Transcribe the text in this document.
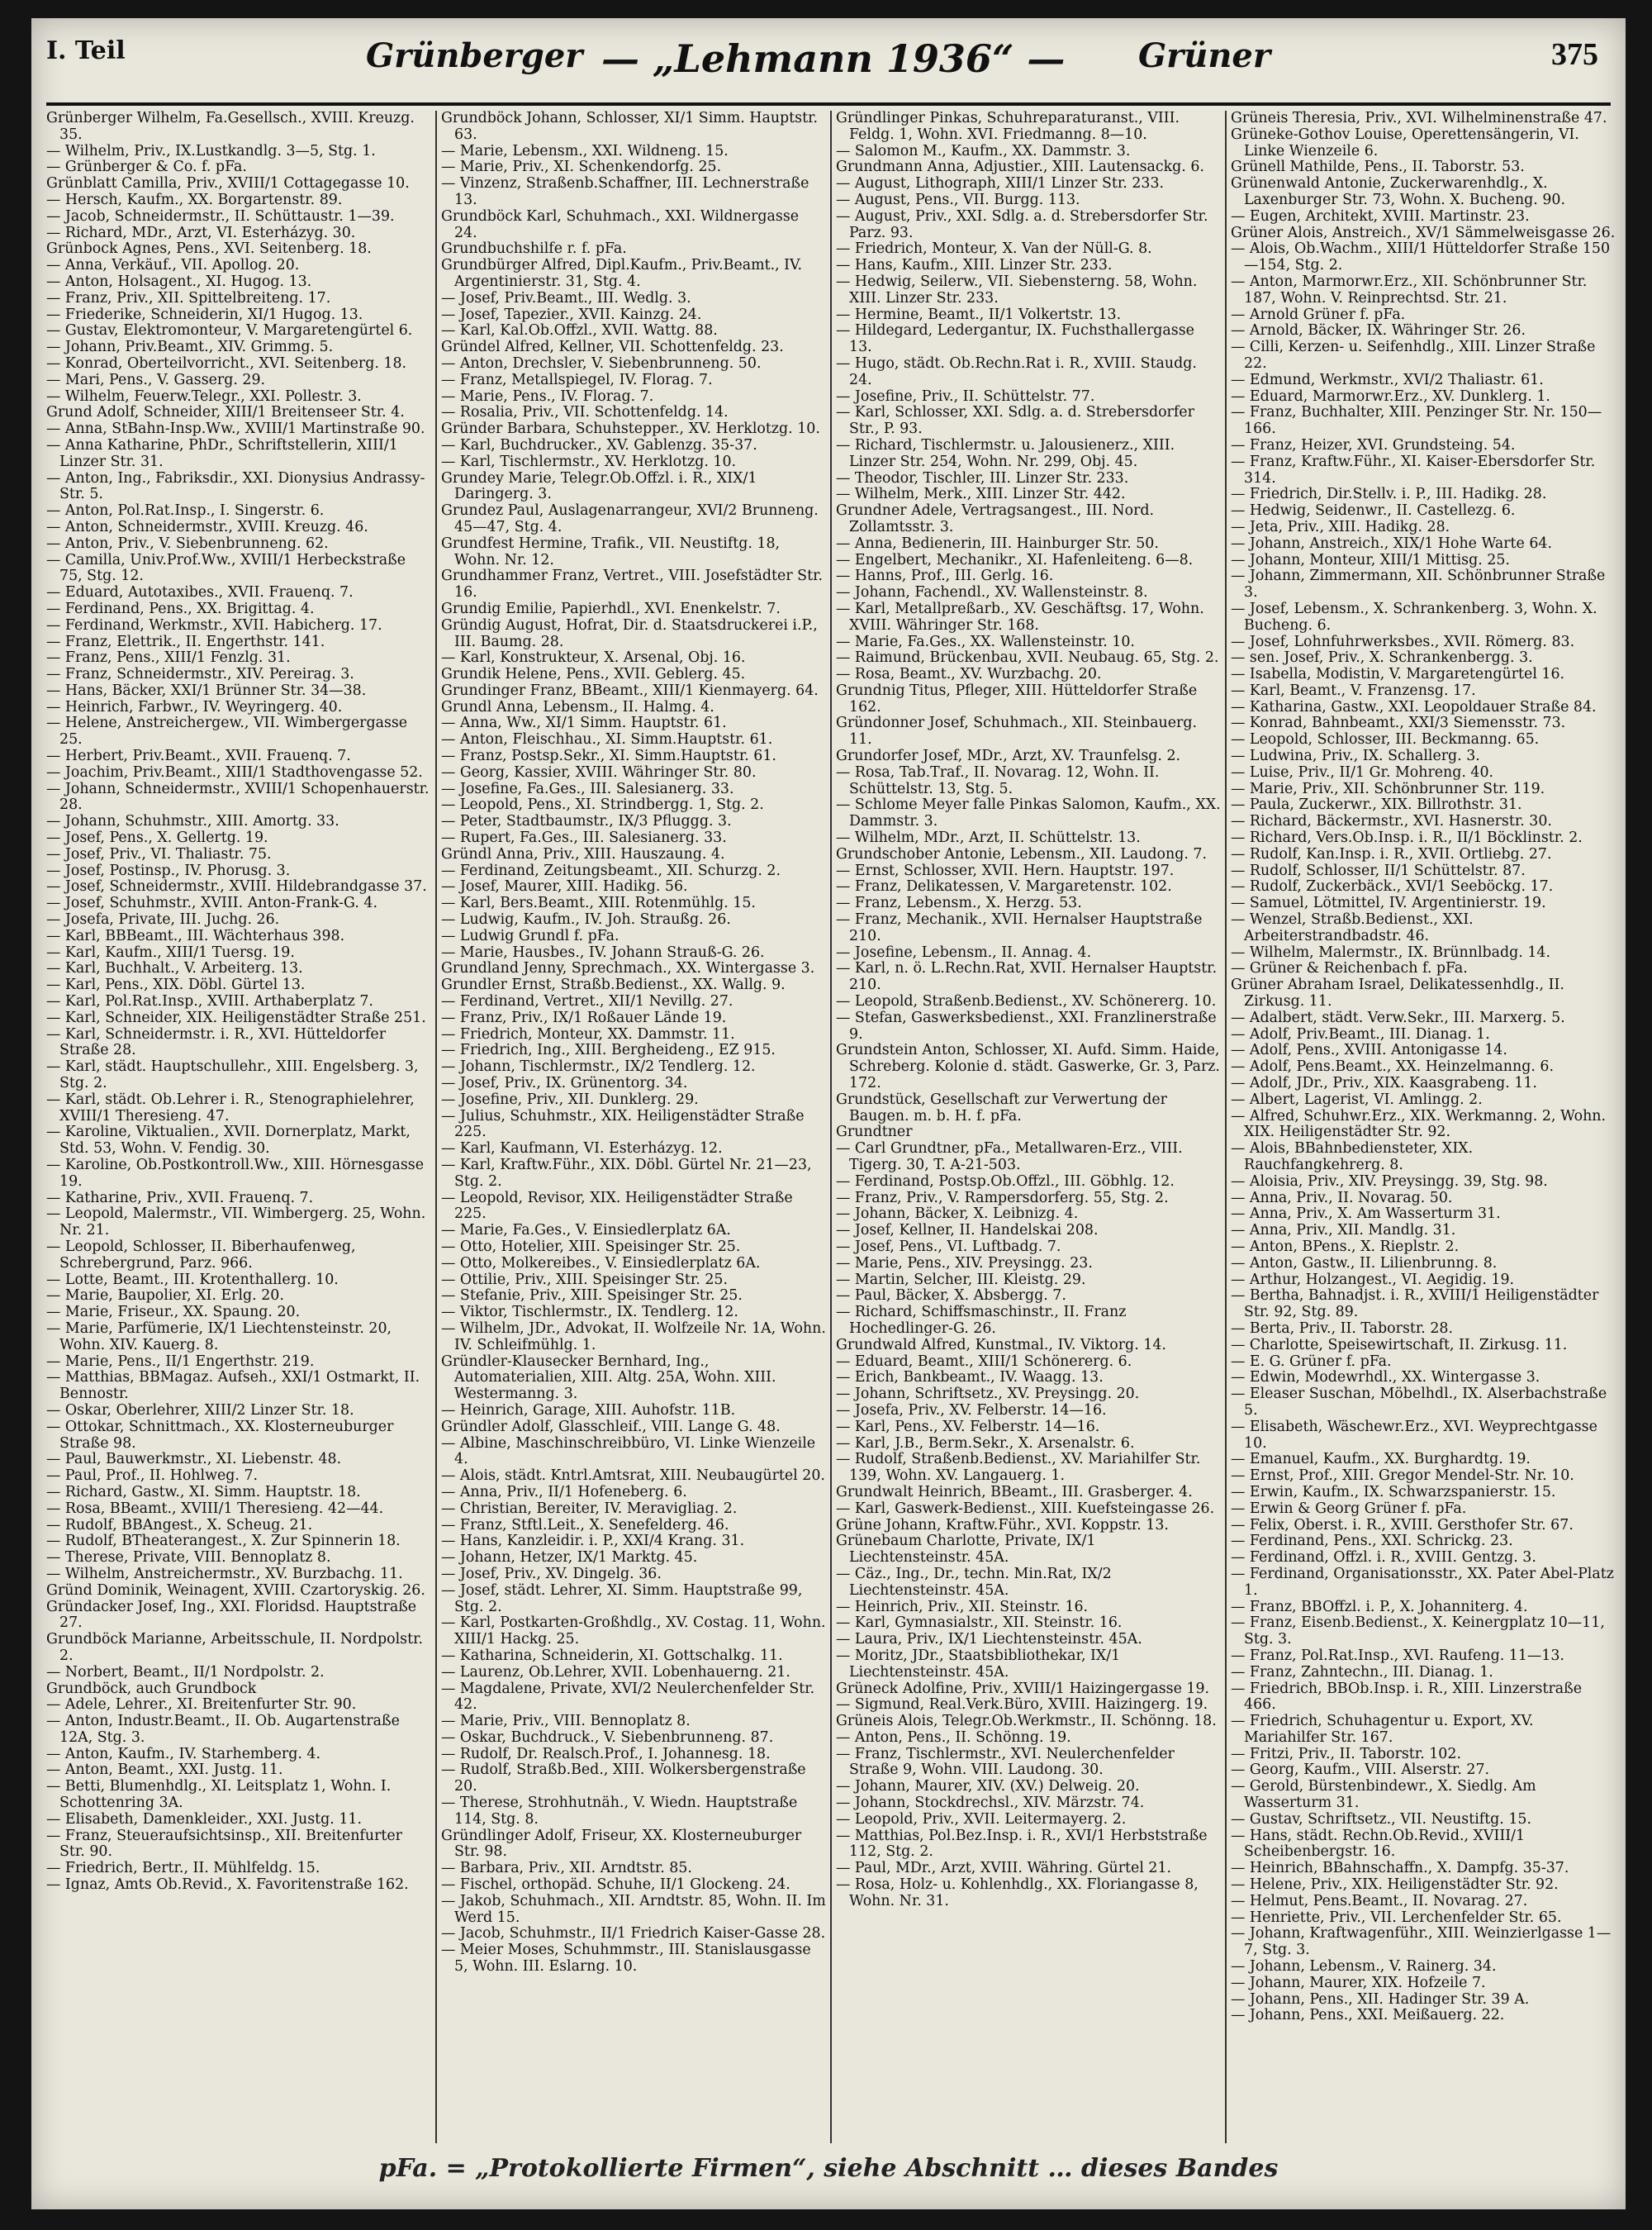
I. Teil	Grünberger — „Lehmann 1936“ — Grüner	375

Grünberger Wilhelm, Fa.Gesellsch., XVIII. Kreuzg. 35.

— Wilhelm, Priv., IX.Lustkandlg. 3—5, Stg. 1.

— Grünberger & Co. f. pFa.

Grünblatt Camilla, Priv., XVIII/1 Cottagegasse 10.

— Hersch, Kaufm., XX. Borgartenstr. 89.

— Jacob, Schneidermstr., II. Schüttaustr. 1—39.

— Richard, MDr., Arzt, VI. Esterházyg. 30.

Grünbock Agnes, Pens., XVI. Seitenberg. 18.

— Anna, Verkäuf., VII. Apollog. 20.

— Anton, Holsagent., XI. Hugog. 13.

— Franz, Priv., XII. Spittelbreiteng. 17.

— Friederike, Schneiderin, XI/1 Hugog. 13.

— Gustav, Elektromonteur, V. Margaretengürtel 6.

— Johann, Priv.Beamt., XIV. Grimmg. 5.

— Konrad, Oberteilvorricht., XVI. Seitenberg. 18.

— Mari, Pens., V. Gasserg. 29.

— Wilhelm, Feuerw.Telegr., XXI. Pollestr. 3.

Grund Adolf, Schneider, XIII/1 Breitenseer Str. 4.

— Anna, StBahn-Insp.Ww., XVIII/1 Martinstraße 90.

— Anna Katharine, PhDr., Schriftstellerin, XIII/1 Linzer Str. 31.

— Anton, Ing., Fabriksdir., XXI. Dionysius Andrassy-Str. 5.

— Anton, Pol.Rat.Insp., I. Singerstr. 6.

— Anton, Schneidermstr., XVIII. Kreuzg. 46.

— Anton, Priv., V. Siebenbrunneng. 62.

— Camilla, Univ.Prof.Ww., XVIII/1 Herbeckstraße 75, Stg. 12.

— Eduard, Autotaxibes., XVII. Frauenq. 7.

— Ferdinand, Pens., XX. Brigittag. 4.

— Ferdinand, Werkmstr., XVII. Habicherg. 17.

— Franz, Elettrik., II. Engerthstr. 141.

— Franz, Pens., XIII/1 Fenzlg. 31.

— Franz, Schneidermstr., XIV. Pereirag. 3.

— Hans, Bäcker, XXI/1 Brünner Str. 34—38.

— Heinrich, Farbwr., IV. Weyringerg. 40.

— Helene, Anstreichergew., VII. Wimbergergasse 25.

— Herbert, Priv.Beamt., XVII. Frauenq. 7.

— Joachim, Priv.Beamt., XIII/1 Stadthovengasse 52.

— Johann, Schneidermstr., XVIII/1 Schopenhauerstr. 28.

— Johann, Schuhmstr., XIII. Amortg. 33.

— Josef, Pens., X. Gellertg. 19.

— Josef, Priv., VI. Thaliastr. 75.

— Josef, Postinsp., IV. Phorusg. 3.

— Josef, Schneidermstr., XVIII. Hildebrandgasse 37.

— Josef, Schuhmstr., XVIII. Anton-Frank-G. 4.

— Josefa, Private, III. Juchg. 26.

— Karl, BBBeamt., III. Wächterhaus 398.

— Karl, Kaufm., XIII/1 Tuersg. 19.

— Karl, Buchhalt., V. Arbeiterg. 13.

— Karl, Pens., XIX. Döbl. Gürtel 13.

— Karl, Pol.Rat.Insp., XVIII. Arthaberplatz 7.

— Karl, Schneider, XIX. Heiligenstädter Straße 251.

— Karl, Schneidermstr. i. R., XVI. Hütteldorfer Straße 28.

— Karl, städt. Hauptschullehr., XIII. Engelsberg. 3, Stg. 2.

— Karl, städt. Ob.Lehrer i. R., Stenographielehrer, XVIII/1 Theresieng. 47.

— Karoline, Viktualien., XVII. Dornerplatz, Markt, Std. 53, Wohn. V. Fendig. 30.

— Karoline, Ob.Postkontroll.Ww., XIII. Hörnesgasse 19.

— Katharine, Priv., XVII. Frauenq. 7.

— Leopold, Malermstr., VII. Wimbergerg. 25, Wohn. Nr. 21.

— Leopold, Schlosser, II. Biberhaufenweg, Schrebergrund, Parz. 966.

— Lotte, Beamt., III. Krotenthallerg. 10.

— Marie, Baupolier, XI. Erlg. 20.

— Marie, Friseur., XX. Spaung. 20.

— Marie, Parfümerie, IX/1 Liechtensteinstr. 20, Wohn. XIV. Kauerg. 8.

— Marie, Pens., II/1 Engerthstr. 219.

— Matthias, BBMagaz. Aufseh., XXI/1 Ostmarkt, II. Bennostr.

— Oskar, Oberlehrer, XIII/2 Linzer Str. 18.

— Ottokar, Schnittmach., XX. Klosterneuburger Straße 98.

— Paul, Bauwerkmstr., XI. Liebenstr. 48.

— Paul, Prof., II. Hohlweg. 7.

— Richard, Gastw., XI. Simm. Hauptstr. 18.

— Rosa, BBeamt., XVIII/1 Theresieng. 42—44.

— Rudolf, BBAngest., X. Scheug. 21.

— Rudolf, BTheaterangest., X. Zur Spinnerin 18.

— Therese, Private, VIII. Bennoplatz 8.

— Wilhelm, Anstreichermstr., XV. Burzbachg. 11.

Gründ Dominik, Weinagent, XVIII. Czartoryskig. 26.

Gründacker Josef, Ing., XXI. Floridsd. Hauptstraße 27.

Grundböck Marianne, Arbeitsschule, II. Nordpolstr. 2.

— Norbert, Beamt., II/1 Nordpolstr. 2.

Grundböck, auch Grundbock

— Adele, Lehrer., XI. Breitenfurter Str. 90.

— Anton, Industr.Beamt., II. Ob. Augartenstraße 12A, Stg. 3.

— Anton, Kaufm., IV. Starhemberg. 4.

— Anton, Beamt., XXI. Justg. 11.

— Betti, Blumenhdlg., XI. Leitsplatz 1, Wohn. I. Schottenring 3A.

— Elisabeth, Damenkleider., XXI. Justg. 11.

— Franz, Steueraufsichtsinsp., XII. Breitenfurter Str. 90.

— Friedrich, Bertr., II. Mühlfeldg. 15.

— Ignaz, Amts Ob.Revid., X. Favoritenstraße 162.

Grundböck Johann, Schlosser, XI/1 Simm. Hauptstr. 63.

— Marie, Lebensm., XXI. Wildneng. 15.

— Marie, Priv., XI. Schenkendorfg. 25.

— Vinzenz, Straßenb.Schaffner, III. Lechnerstraße 13.

Grundböck Karl, Schuhmach., XXI. Wildnergasse 24.

Grundbuchshilfe r. f. pFa.

Grundbürger Alfred, Dipl.Kaufm., Priv.Beamt., IV. Argentinierstr. 31, Stg. 4.

— Josef, Priv.Beamt., III. Wedlg. 3.

— Josef, Tapezier., XVII. Kainzg. 24.

— Karl, Kal.Ob.Offzl., XVII. Wattg. 88.

Gründel Alfred, Kellner, VII. Schottenfeldg. 23.

— Anton, Drechsler, V. Siebenbrunneng. 50.

— Franz, Metallspiegel, IV. Florag. 7.

— Marie, Pens., IV. Florag. 7.

— Rosalia, Priv., VII. Schottenfeldg. 14.

Gründer Barbara, Schuhstepper., XV. Herklotzg. 10.

— Karl, Buchdrucker., XV. Gablenzg. 35-37.

— Karl, Tischlermstr., XV. Herklotzg. 10.

Grundey Marie, Telegr.Ob.Offzl. i. R., XIX/1 Daringerg. 3.

Grundez Paul, Auslagenarrangeur, XVI/2 Brunneng. 45—47, Stg. 4.

Grundfest Hermine, Trafik., VII. Neustiftg. 18, Wohn. Nr. 12.

Grundhammer Franz, Vertret., VIII. Josefstädter Str. 16.

Grundig Emilie, Papierhdl., XVI. Enenkelstr. 7.

Gründig August, Hofrat, Dir. d. Staatsdruckerei i.P., III. Baumg. 28.

— Karl, Konstrukteur, X. Arsenal, Obj. 16.

Grundik Helene, Pens., XVII. Geblerg. 45.

Grundinger Franz, BBeamt., XIII/1 Kienmayerg. 64.

Grundl Anna, Lebensm., II. Halmg. 4.

— Anna, Ww., XI/1 Simm. Hauptstr. 61.

— Anton, Fleischhau., XI. Simm.Hauptstr. 61.

— Franz, Postsp.Sekr., XI. Simm.Hauptstr. 61.

— Georg, Kassier, XVIII. Währinger Str. 80.

— Josefine, Fa.Ges., III. Salesianerg. 33.

— Leopold, Pens., XI. Strindbergg. 1, Stg. 2.

— Peter, Stadtbaumstr., IX/3 Pfluggg. 3.

— Rupert, Fa.Ges., III. Salesianerg. 33.

Gründl Anna, Priv., XIII. Hauszaung. 4.

— Ferdinand, Zeitungsbeamt., XII. Schurzg. 2.

— Josef, Maurer, XIII. Hadikg. 56.

— Karl, Bers.Beamt., XIII. Rotenmühlg. 15.

— Ludwig, Kaufm., IV. Joh. Straußg. 26.

— Ludwig Grundl f. pFa.

— Marie, Hausbes., IV. Johann Strauß-G. 26.

Grundland Jenny, Sprechmach., XX. Wintergasse 3.

Grundler Ernst, Straßb.Bedienst., XX. Wallg. 9.

— Ferdinand, Vertret., XII/1 Nevillg. 27.

— Franz, Priv., IX/1 Roßauer Lände 19.

— Friedrich, Monteur, XX. Dammstr. 11.

— Friedrich, Ing., XIII. Bergheideng., EZ 915.

— Johann, Tischlermstr., IX/2 Tendlerg. 12.

— Josef, Priv., IX. Grünentorg. 34.

— Josefine, Priv., XII. Dunklerg. 29.

— Julius, Schuhmstr., XIX. Heiligenstädter Straße 225.

— Karl, Kaufmann, VI. Esterházyg. 12.

— Karl, Kraftw.Führ., XIX. Döbl. Gürtel Nr. 21—23, Stg. 2.

— Leopold, Revisor, XIX. Heiligenstädter Straße 225.

— Marie, Fa.Ges., V. Einsiedlerplatz 6A.

— Otto, Hotelier, XIII. Speisinger Str. 25.

— Otto, Molkereibes., V. Einsiedlerplatz 6A.

— Ottilie, Priv., XIII. Speisinger Str. 25.

— Stefanie, Priv., XIII. Speisinger Str. 25.

— Viktor, Tischlermstr., IX. Tendlerg. 12.

— Wilhelm, JDr., Advokat, II. Wolfzeile Nr. 1A, Wohn. IV. Schleifmühlg. 1.

Gründler-Klausecker Bernhard, Ing., Automaterialien, XIII. Altg. 25A, Wohn. XIII. Westermanng. 3.

— Heinrich, Garage, XIII. Auhofstr. 11B.

Gründler Adolf, Glasschleif., VIII. Lange G. 48.

— Albine, Maschinschreibbüro, VI. Linke Wienzeile 4.

— Alois, städt. Kntrl.Amtsrat, XIII. Neubaugürtel 20.

— Anna, Priv., II/1 Hofeneberg. 6.

— Christian, Bereiter, IV. Meravigliag. 2.

— Franz, Stftl.Leit., X. Senefelderg. 46.

— Hans, Kanzleidir. i. P., XXI/4 Krang. 31.

— Johann, Hetzer, IX/1 Marktg. 45.

— Josef, Priv., XV. Dingelg. 36.

— Josef, städt. Lehrer, XI. Simm. Hauptstraße 99, Stg. 2.

— Karl, Postkarten-Großhdlg., XV. Costag. 11, Wohn. XIII/1 Hackg. 25.

— Katharina, Schneiderin, XI. Gottschalkg. 11.

— Laurenz, Ob.Lehrer, XVII. Lobenhauerng. 21.

— Magdalene, Private, XVI/2 Neulerchenfelder Str. 42.

— Marie, Priv., VIII. Bennoplatz 8.

— Oskar, Buchdruck., V. Siebenbrunneng. 87.

— Rudolf, Dr. Realsch.Prof., I. Johannesg. 18.

— Rudolf, Straßb.Bed., XIII. Wolkersbergenstraße 20.

— Therese, Strohhutnäh., V. Wiedn. Hauptstraße 114, Stg. 8.

Gründlinger Adolf, Friseur, XX. Klosterneuburger Str. 98.

— Barbara, Priv., XII. Arndtstr. 85.

— Fischel, orthopäd. Schuhe, II/1 Glockeng. 24.

— Jakob, Schuhmach., XII. Arndtstr. 85, Wohn. II. Im Werd 15.

— Jacob, Schuhmstr., II/1 Friedrich Kaiser-Gasse 28.

— Meier Moses, Schuhmmstr., III. Stanislausgasse 5, Wohn. III. Eslarng. 10.

Gründlinger Pinkas, Schuhreparaturanst., VIII. Feldg. 1, Wohn. XVI. Friedmanng. 8—10.

— Salomon M., Kaufm., XX. Dammstr. 3.

Grundmann Anna, Adjustier., XIII. Lautensackg. 6.

— August, Lithograph, XIII/1 Linzer Str. 233.

— August, Pens., VII. Burgg. 113.

— August, Priv., XXI. Sdlg. a. d. Strebersdorfer Str. Parz. 93.

— Friedrich, Monteur, X. Van der Nüll-G. 8.

— Hans, Kaufm., XIII. Linzer Str. 233.

— Hedwig, Seilerw., VII. Siebensterng. 58, Wohn. XIII. Linzer Str. 233.

— Hermine, Beamt., II/1 Volkertstr. 13.

— Hildegard, Ledergantur, IX. Fuchsthallergasse 13.

— Hugo, städt. Ob.Rechn.Rat i. R., XVIII. Staudg. 24.

— Josefine, Priv., II. Schüttelstr. 77.

— Karl, Schlosser, XXI. Sdlg. a. d. Strebersdorfer Str., P. 93.

— Richard, Tischlermstr. u. Jalousienerz., XIII. Linzer Str. 254, Wohn. Nr. 299, Obj. 45.

— Theodor, Tischler, III. Linzer Str. 233.

— Wilhelm, Merk., XIII. Linzer Str. 442.

Grundner Adele, Vertragsangest., III. Nord. Zollamtsstr. 3.

— Anna, Bedienerin, III. Hainburger Str. 50.

— Engelbert, Mechanikr., XI. Hafenleiteng. 6—8.

— Hanns, Prof., III. Gerlg. 16.

— Johann, Fachendl., XV. Wallensteinstr. 8.

— Karl, Metallpreßarb., XV. Geschäftsg. 17, Wohn. XVIII. Währinger Str. 168.

— Marie, Fa.Ges., XX. Wallensteinstr. 10.

— Raimund, Brückenbau, XVII. Neubaug. 65, Stg. 2.

— Rosa, Beamt., XV. Wurzbachg. 20.

Grundnig Titus, Pfleger, XIII. Hütteldorfer Straße 162.

Gründonner Josef, Schuhmach., XII. Steinbauerg. 11.

Grundorfer Josef, MDr., Arzt, XV. Traunfelsg. 2.

— Rosa, Tab.Traf., II. Novarag. 12, Wohn. II. Schüttelstr. 13, Stg. 5.

— Schlome Meyer falle Pinkas Salomon, Kaufm., XX. Dammstr. 3.

— Wilhelm, MDr., Arzt, II. Schüttelstr. 13.

Grundschober Antonie, Lebensm., XII. Laudong. 7.

— Ernst, Schlosser, XVII. Hern. Hauptstr. 197.

— Franz, Delikatessen, V. Margaretenstr. 102.

— Franz, Lebensm., X. Herzg. 53.

— Franz, Mechanik., XVII. Hernalser Hauptstraße 210.

— Josefine, Lebensm., II. Annag. 4.

— Karl, n. ö. L.Rechn.Rat, XVII. Hernalser Hauptstr. 210.

— Leopold, Straßenb.Bedienst., XV. Schönererg. 10.

— Stefan, Gaswerksbedienst., XXI. Franzlinerstraße 9.

Grundstein Anton, Schlosser, XI. Aufd. Simm. Haide, Schreberg. Kolonie d. städt. Gaswerke, Gr. 3, Parz. 172.

Grundstück, Gesellschaft zur Verwertung der Baugen. m. b. H. f. pFa.

Grundtner

— Carl Grundtner, pFa., Metallwaren-Erz., VIII. Tigerg. 30, T. A-21-503.

— Ferdinand, Postsp.Ob.Offzl., III. Göbhlg. 12.

— Franz, Priv., V. Rampersdorferg. 55, Stg. 2.

— Johann, Bäcker, X. Leibnizg. 4.

— Josef, Kellner, II. Handelskai 208.

— Josef, Pens., VI. Luftbadg. 7.

— Marie, Pens., XIV. Preysingg. 23.

— Martin, Selcher, III. Kleistg. 29.

— Paul, Bäcker, X. Absbergg. 7.

— Richard, Schiffsmaschinstr., II. Franz Hochedlinger-G. 26.

Grundwald Alfred, Kunstmal., IV. Viktorg. 14.

— Eduard, Beamt., XIII/1 Schönererg. 6.

— Erich, Bankbeamt., IV. Waagg. 13.

— Johann, Schriftsetz., XV. Preysingg. 20.

— Josefa, Priv., XV. Felberstr. 14—16.

— Karl, Pens., XV. Felberstr. 14—16.

— Karl, J.B., Berm.Sekr., X. Arsenalstr. 6.

— Rudolf, Straßenb.Bedienst., XV. Mariahilfer Str. 139, Wohn. XV. Langauerg. 1.

Grundwalt Heinrich, BBeamt., III. Grasberger. 4.

— Karl, Gaswerk-Bedienst., XIII. Kuefsteingasse 26.

Grüne Johann, Kraftw.Führ., XVI. Koppstr. 13.

Grünebaum Charlotte, Private, IX/1 Liechtensteinstr. 45A.

— Cäz., Ing., Dr., techn. Min.Rat, IX/2 Liechtensteinstr. 45A.

— Heinrich, Priv., XII. Steinstr. 16.

— Karl, Gymnasialstr., XII. Steinstr. 16.

— Laura, Priv., IX/1 Liechtensteinstr. 45A.

— Moritz, JDr., Staatsbibliothekar, IX/1 Liechtensteinstr. 45A.

Grüneck Adolfine, Priv., XVIII/1 Haizingergasse 19.

— Sigmund, Real.Verk.Büro, XVIII. Haizingerg. 19.

Grüneis Alois, Telegr.Ob.Werkmstr., II. Schönng. 18.

— Anton, Pens., II. Schönng. 19.

— Franz, Tischlermstr., XVI. Neulerchenfelder Straße 9, Wohn. VIII. Laudong. 30.

— Johann, Maurer, XIV. (XV.) Delweig. 20.

— Johann, Stockdrechsl., XIV. Märzstr. 74.

— Leopold, Priv., XVII. Leitermayerg. 2.

— Matthias, Pol.Bez.Insp. i. R., XVI/1 Herbststraße 112, Stg. 2.

— Paul, MDr., Arzt, XVIII. Währing. Gürtel 21.

— Rosa, Holz- u. Kohlenhdlg., XX. Floriangasse 8, Wohn. Nr. 31.

Grüneis Theresia, Priv., XVI. Wilhelminenstraße 47.

Grüneke-Gothov Louise, Operettensängerin, VI. Linke Wienzeile 6.

Grünell Mathilde, Pens., II. Taborstr. 53.

Grünenwald Antonie, Zuckerwarenhdlg., X. Laxenburger Str. 73, Wohn. X. Bucheng. 90.

— Eugen, Architekt, XVIII. Martinstr. 23.

Grüner Alois, Anstreich., XV/1 Sämmelweisgasse 26.

— Alois, Ob.Wachm., XIII/1 Hütteldorfer Straße 150—154, Stg. 2.

— Anton, Marmorwr.Erz., XII. Schönbrunner Str. 187, Wohn. V. Reinprechtsd. Str. 21.

— Arnold Grüner f. pFa.

— Arnold, Bäcker, IX. Währinger Str. 26.

— Cilli, Kerzen- u. Seifenhdlg., XIII. Linzer Straße 22.

— Edmund, Werkmstr., XVI/2 Thaliastr. 61.

— Eduard, Marmorwr.Erz., XV. Dunklerg. 1.

— Franz, Buchhalter, XIII. Penzinger Str. Nr. 150—166.

— Franz, Heizer, XVI. Grundsteing. 54.

— Franz, Kraftw.Führ., XI. Kaiser-Ebersdorfer Str. 314.

— Friedrich, Dir.Stellv. i. P., III. Hadikg. 28.

— Hedwig, Seidenwr., II. Castellezg. 6.

— Jeta, Priv., XIII. Hadikg. 28.

— Johann, Anstreich., XIX/1 Hohe Warte 64.

— Johann, Monteur, XIII/1 Mittisg. 25.

— Johann, Zimmermann, XII. Schönbrunner Straße 3.

— Josef, Lebensm., X. Schrankenberg. 3, Wohn. X. Bucheng. 6.

— Josef, Lohnfuhrwerksbes., XVII. Römerg. 83.

— sen. Josef, Priv., X. Schrankenbergg. 3.

— Isabella, Modistin, V. Margaretengürtel 16.

— Karl, Beamt., V. Franzensg. 17.

— Katharina, Gastw., XXI. Leopoldauer Straße 84.

— Konrad, Bahnbeamt., XXI/3 Siemensstr. 73.

— Leopold, Schlosser, III. Beckmanng. 65.

— Ludwina, Priv., IX. Schallerg. 3.

— Luise, Priv., II/1 Gr. Mohreng. 40.

— Marie, Priv., XII. Schönbrunner Str. 119.

— Paula, Zuckerwr., XIX. Billrothstr. 31.

— Richard, Bäckermstr., XVI. Hasnerstr. 30.

— Richard, Vers.Ob.Insp. i. R., II/1 Böcklinstr. 2.

— Rudolf, Kan.Insp. i. R., XVII. Ortliebg. 27.

— Rudolf, Schlosser, II/1 Schüttelstr. 87.

— Rudolf, Zuckerbäck., XVI/1 Seeböckg. 17.

— Samuel, Lötmittel, IV. Argentinierstr. 19.

— Wenzel, Straßb.Bedienst., XXI. Arbeiterstrandbadstr. 46.

— Wilhelm, Malermstr., IX. Brünnlbadg. 14.

— Grüner & Reichenbach f. pFa.

Grüner Abraham Israel, Delikatessenhdlg., II. Zirkusg. 11.

— Adalbert, städt. Verw.Sekr., III. Marxerg. 5.

— Adolf, Priv.Beamt., III. Dianag. 1.

— Adolf, Pens., XVIII. Antonigasse 14.

— Adolf, Pens.Beamt., XX. Heinzelmanng. 6.

— Adolf, JDr., Priv., XIX. Kaasgrabeng. 11.

— Albert, Lagerist, VI. Amlingg. 2.

— Alfred, Schuhwr.Erz., XIX. Werkmanng. 2, Wohn. XIX. Heiligenstädter Str. 92.

— Alois, BBahnbediensteter, XIX. Rauchfangkehrerg. 8.

— Aloisia, Priv., XIV. Preysingg. 39, Stg. 98.

— Anna, Priv., II. Novarag. 50.

— Anna, Priv., X. Am Wasserturm 31.

— Anna, Priv., XII. Mandlg. 31.

— Anton, BPens., X. Rieplstr. 2.

— Anton, Gastw., II. Lilienbrunng. 8.

— Arthur, Holzangest., VI. Aegidig. 19.

— Bertha, Bahnadjst. i. R., XVIII/1 Heiligenstädter Str. 92, Stg. 89.

— Berta, Priv., II. Taborstr. 28.

— Charlotte, Speisewirtschaft, II. Zirkusg. 11.

— E. G. Grüner f. pFa.

— Edwin, Modewrhdl., XX. Wintergasse 3.

— Eleaser Suschan, Möbelhdl., IX. Alserbachstraße 5.

— Elisabeth, Wäschewr.Erz., XVI. Weyprechtgasse 10.

— Emanuel, Kaufm., XX. Burghardtg. 19.

— Ernst, Prof., XIII. Gregor Mendel-Str. Nr. 10.

— Erwin, Kaufm., IX. Schwarzspanierstr. 15.

— Erwin & Georg Grüner f. pFa.

— Felix, Oberst. i. R., XVIII. Gersthofer Str. 67.

— Ferdinand, Pens., XXI. Schrickg. 23.

— Ferdinand, Offzl. i. R., XVIII. Gentzg. 3.

— Ferdinand, Organisationsstr., XX. Pater Abel-Platz 1.

— Franz, BBOffzl. i. P., X. Johanniterg. 4.

— Franz, Eisenb.Bedienst., X. Keinergplatz 10—11, Stg. 3.

— Franz, Pol.Rat.Insp., XVI. Raufeng. 11—13.

— Franz, Zahntechn., III. Dianag. 1.

— Friedrich, BBOb.Insp. i. R., XIII. Linzerstraße 466.

— Friedrich, Schuhagentur u. Export, XV. Mariahilfer Str. 167.

— Fritzi, Priv., II. Taborstr. 102.

— Georg, Kaufm., VIII. Alserstr. 27.

— Gerold, Bürstenbindewr., X. Siedlg. Am Wasserturm 31.

— Gustav, Schriftsetz., VII. Neustiftg. 15.

— Hans, städt. Rechn.Ob.Revid., XVIII/1 Scheibenbergstr. 16.

— Heinrich, BBahnschaffn., X. Dampfg. 35-37.

— Helene, Priv., XIX. Heiligenstädter Str. 92.

— Helmut, Pens.Beamt., II. Novarag. 27.

— Henriette, Priv., VII. Lerchenfelder Str. 65.

— Johann, Kraftwagenführ., XIII. Weinzierlgasse 1—7, Stg. 3.

— Johann, Lebensm., V. Rainerg. 34.

— Johann, Maurer, XIX. Hofzeile 7.

— Johann, Pens., XII. Hadinger Str. 39 A.

— Johann, Pens., XXI. Meißauerg. 22.

pFa. = „Protokollierte Firmen“, siehe Abschnitt … dieses Bandes
